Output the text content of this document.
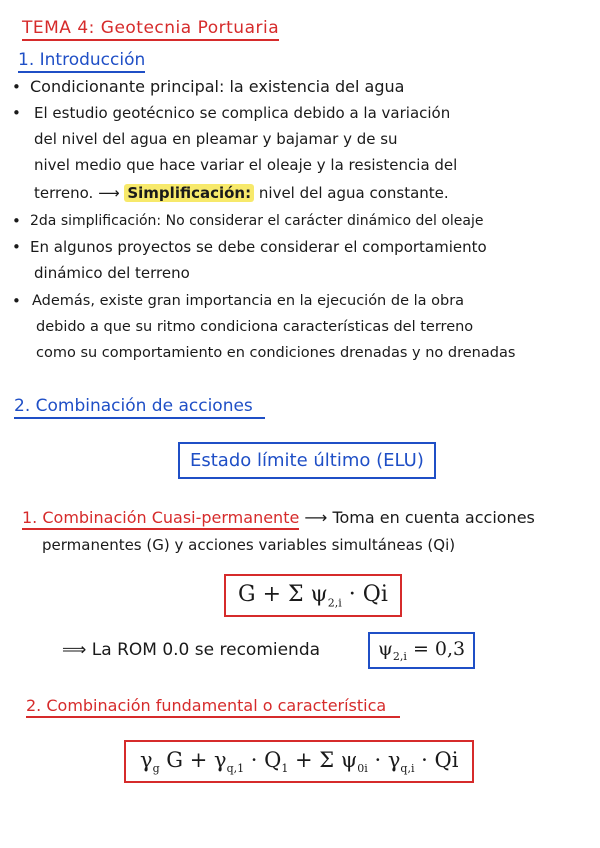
TEMA 4: Geotecnia Portuaria
1. Introducción
• Condicionante principal: la existencia del agua
• El estudio geotécnico se complica debido a la variación
del nivel del agua en pleamar y bajamar y de su
nivel medio que hace variar el oleaje y la resistencia del
terreno. ⟶ Simplificación: nivel del agua constante.
• 2da simplificación: No considerar el carácter dinámico del oleaje
• En algunos proyectos se debe considerar el comportamiento
dinámico del terreno
• Además, existe gran importancia en la ejecución de la obra
debido a que su ritmo condiciona características del terreno
como su comportamiento en condiciones drenadas y no drenadas
2. Combinación de acciones
Estado límite último (ELU)
1. Combinación Cuasi-permanente ⟶ Toma en cuenta acciones
permanentes (G) y acciones variables simultáneas (Qi)
G + Σ $\psi_{2,i} \cdot Qi$
⟹ La ROM 0.0 se recomienda	$\psi_{2,i} = 0,3$
2. Combinación fundamental o característica
$\gamma_g$ $G + \gamma_{q,1} \cdot Q_1 + \Sigma$ $\psi_{0i} \cdot \gamma_{q,i} \cdot Qi$
